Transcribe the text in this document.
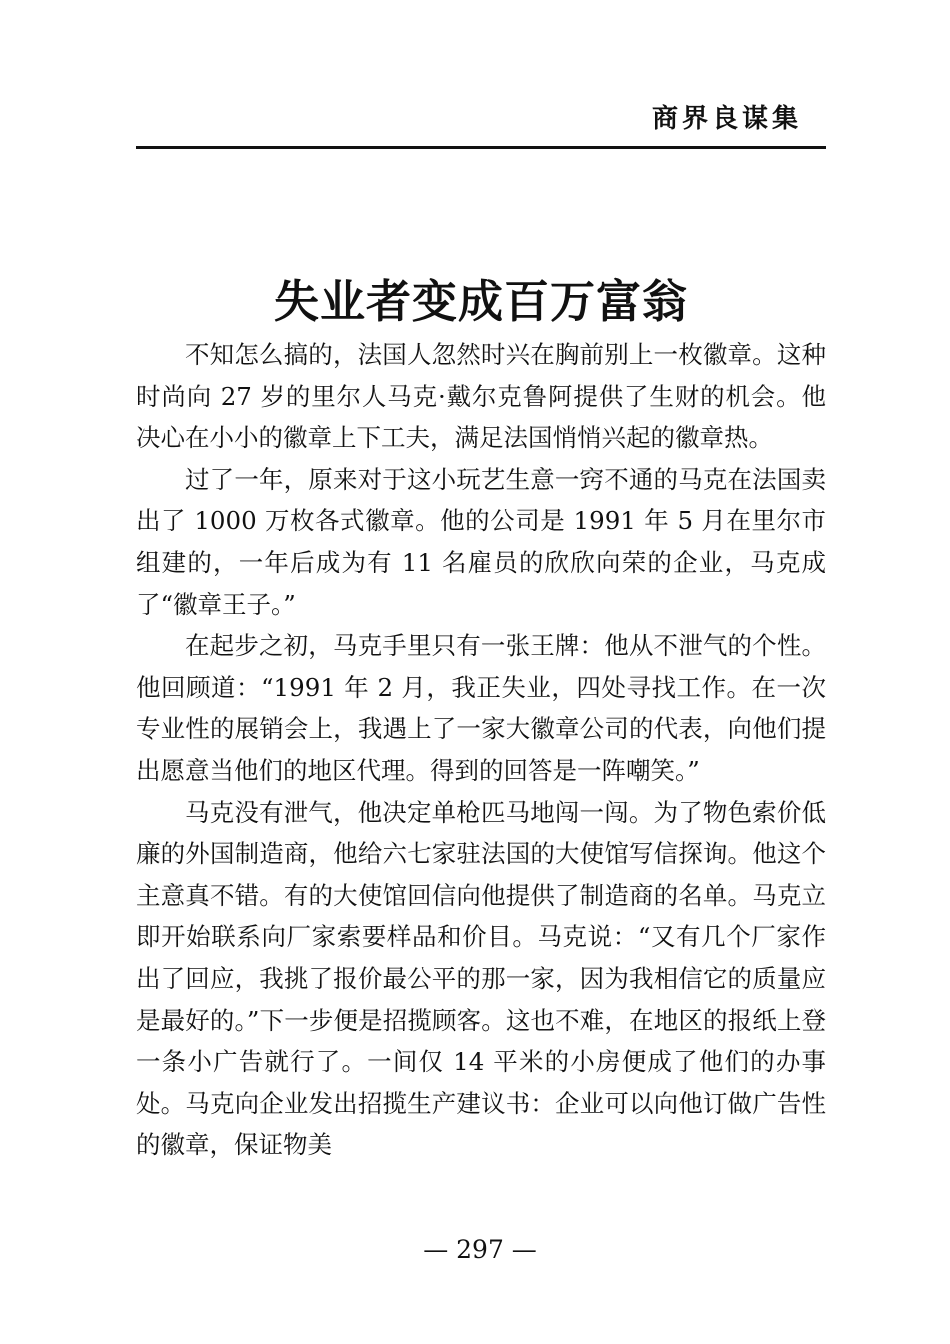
商界良谋集
失业者变成百万富翁

不知怎么搞的，法国人忽然时兴在胸前别上一枚徽章。这种时尚向 27 岁的里尔人马克·戴尔克鲁阿提供了生财的机会。他决心在小小的徽章上下工夫，满足法国悄悄兴起的徽章热。

过了一年，原来对于这小玩艺生意一窍不通的马克在法国卖出了 1000 万枚各式徽章。他的公司是 1991 年 5 月在里尔市组建的，一年后成为有 11 名雇员的欣欣向荣的企业，马克成了“徽章王子。”

在起步之初，马克手里只有一张王牌：他从不泄气的个性。他回顾道：“1991 年 2 月，我正失业，四处寻找工作。在一次专业性的展销会上，我遇上了一家大徽章公司的代表，向他们提出愿意当他们的地区代理。得到的回答是一阵嘲笑。”

马克没有泄气，他决定单枪匹马地闯一闯。为了物色索价低廉的外国制造商，他给六七家驻法国的大使馆写信探询。他这个主意真不错。有的大使馆回信向他提供了制造商的名单。马克立即开始联系向厂家索要样品和价目。马克说：“又有几个厂家作出了回应，我挑了报价最公平的那一家，因为我相信它的质量应是最好的。”下一步便是招揽顾客。这也不难，在地区的报纸上登一条小广告就行了。一间仅 14 平米的小房便成了他们的办事处。马克向企业发出招揽生产建议书：企业可以向他订做广告性的徽章，保证物美

— 297 —
